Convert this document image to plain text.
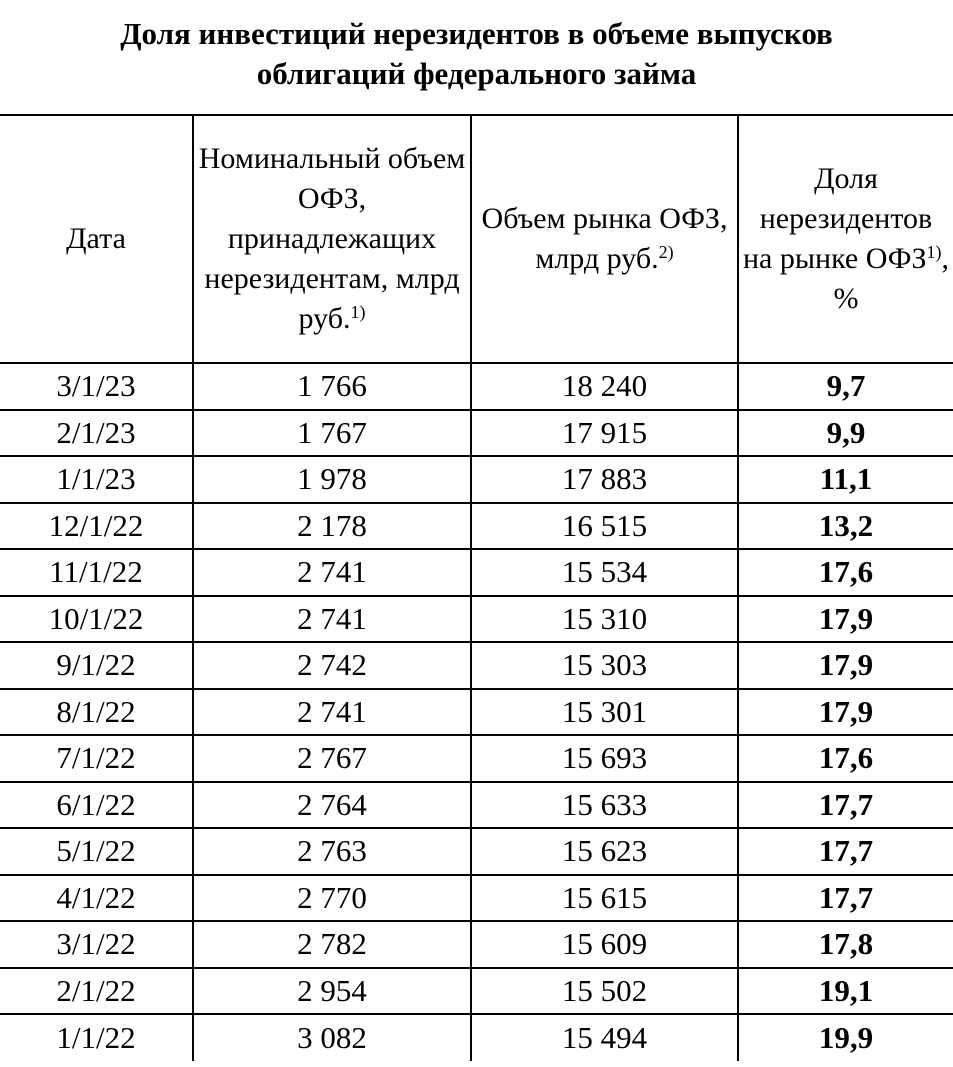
Доля инвестиций нерезидентов в объеме выпусков
облигаций федерального займа
Дата	Номинальный объем ОФЗ, принадлежащих нерезидентам, млрд руб.$^{1)}$	Объем рынка ОФЗ, млрд руб.$^{2)}$	Доля нерезидентов на рынке ОФЗ$^{1)}$, %
3/1/23	1 766	18 240	9,7
2/1/23	1 767	17 915	9,9
1/1/23	1 978	17 883	11,1
12/1/22	2 178	16 515	13,2
11/1/22	2 741	15 534	17,6
10/1/22	2 741	15 310	17,9
9/1/22	2 742	15 303	17,9
8/1/22	2 741	15 301	17,9
7/1/22	2 767	15 693	17,6
6/1/22	2 764	15 633	17,7
5/1/22	2 763	15 623	17,7
4/1/22	2 770	15 615	17,7
3/1/22	2 782	15 609	17,8
2/1/22	2 954	15 502	19,1
1/1/22	3 082	15 494	19,9
